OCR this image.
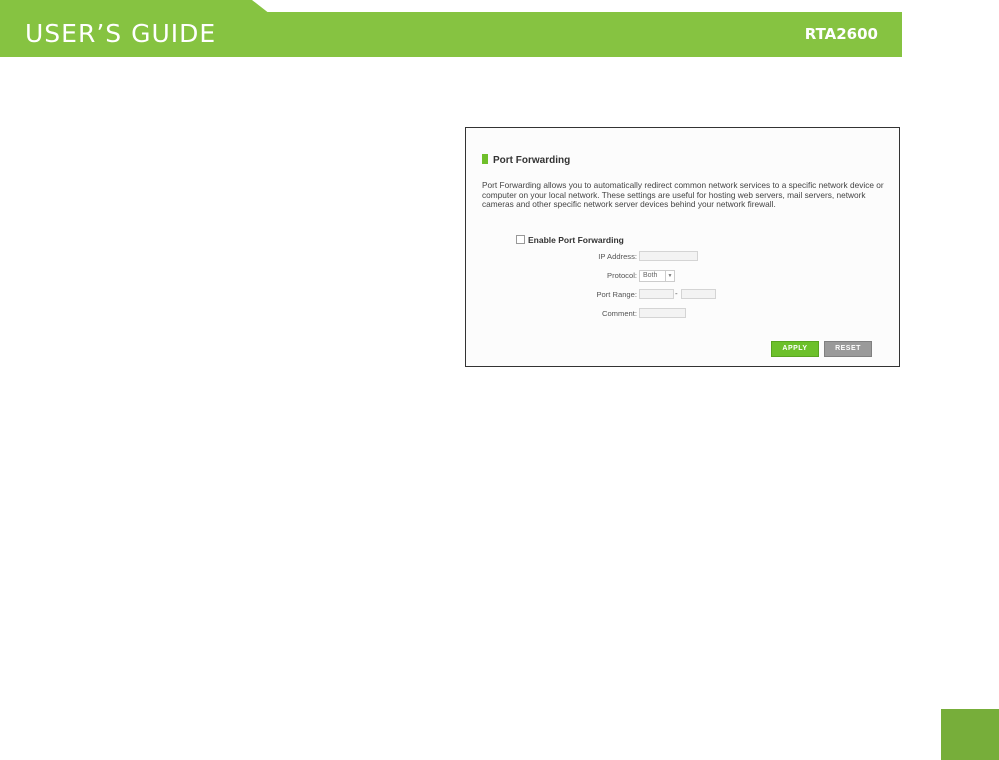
USER’S GUIDE	RTA2600
Port Forwarding
Port Forwarding allows you to automatically redirect common network services to a specific network device or computer on your local network. These settings are useful for hosting web servers, mail servers, network cameras and other specific network server devices behind your network firewall.
Enable Port Forwarding
IP Address:
Protocol: Both	▼
Port Range:	-
Comment:
APPLY	RESET
